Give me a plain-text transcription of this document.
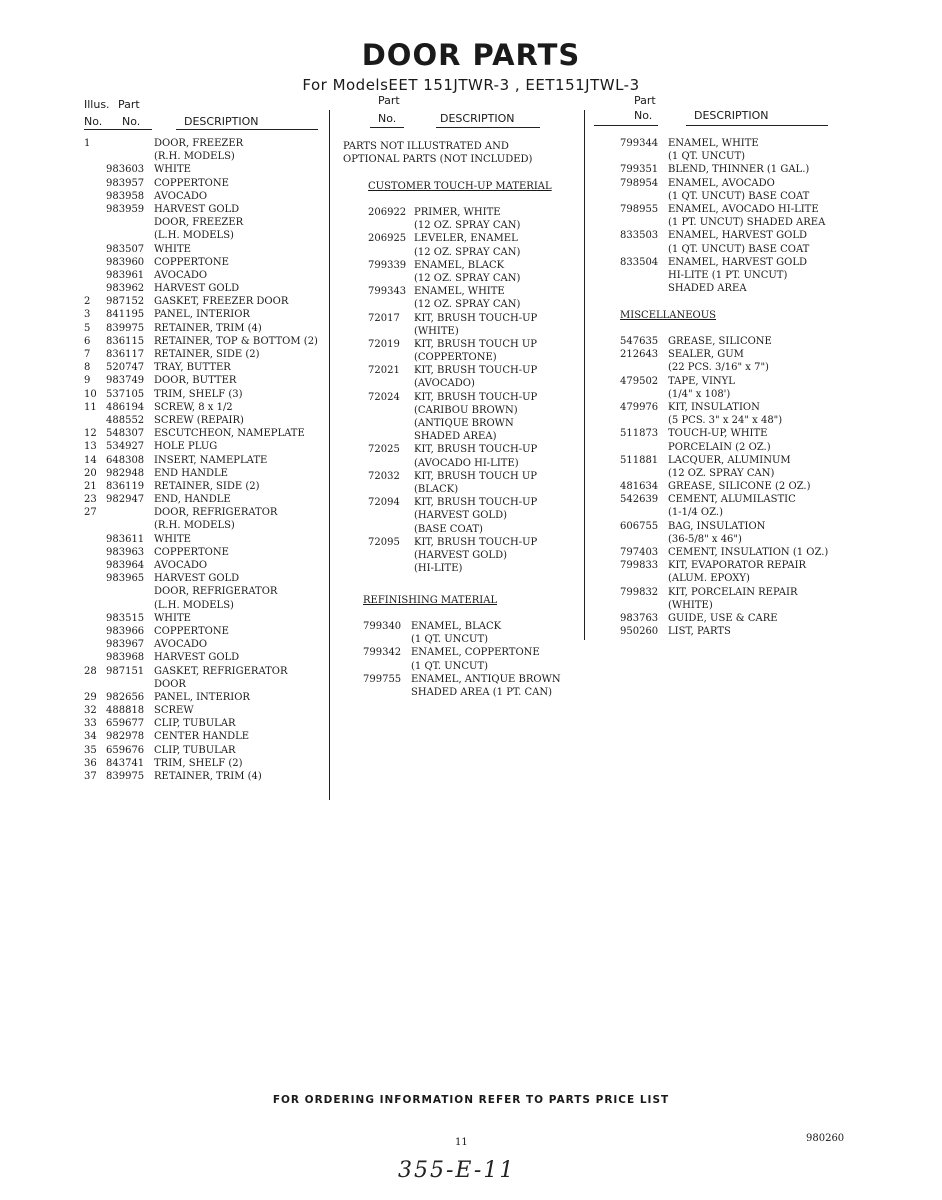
DOOR PARTS
For ModelsEET 151JTWR-3 , EET151JTWL-3
Illus. Part
No. No.	DESCRIPTION
Part
No.	DESCRIPTION
Part
No.	DESCRIPTION
1	DOOR, FREEZER
(R.H. MODELS)
983603 WHITE
983957 COPPERTONE
983958 AVOCADO
983959 HARVEST GOLD
DOOR, FREEZER
(L.H. MODELS)
983507 WHITE
983960 COPPERTONE
983961 AVOCADO
983962 HARVEST GOLD
2	987152 GASKET, FREEZER DOOR
3	841195 PANEL, INTERIOR
5	839975 RETAINER, TRIM (4)
6	836115 RETAINER, TOP & BOTTOM (2)
7	836117 RETAINER, SIDE (2)
8	520747 TRAY, BUTTER
9	983749 DOOR, BUTTER
10 537105 TRIM, SHELF (3)
11 486194 SCREW, 8 x 1/2
488552 SCREW (REPAIR)
12 548307 ESCUTCHEON, NAMEPLATE
13 534927 HOLE PLUG
14 648308 INSERT, NAMEPLATE
20 982948 END HANDLE
21 836119 RETAINER, SIDE (2)
23 982947 END, HANDLE
27	DOOR, REFRIGERATOR
(R.H. MODELS)
983611 WHITE
983963 COPPERTONE
983964 AVOCADO
983965 HARVEST GOLD
DOOR, REFRIGERATOR
(L.H. MODELS)
983515 WHITE
983966 COPPERTONE
983967 AVOCADO
983968 HARVEST GOLD
28 987151 GASKET, REFRIGERATOR
DOOR
29 982656 PANEL, INTERIOR
32 488818 SCREW
33 659677 CLIP, TUBULAR
34 982978 CENTER HANDLE
35 659676 CLIP, TUBULAR
36 843741 TRIM, SHELF (2)
37 839975 RETAINER, TRIM (4)
PARTS NOT ILLUSTRATED AND
OPTIONAL PARTS (NOT INCLUDED)
CUSTOMER TOUCH-UP MATERIAL
206922 PRIMER, WHITE
(12 OZ. SPRAY CAN)
206925 LEVELER, ENAMEL
(12 OZ. SPRAY CAN)
799339 ENAMEL, BLACK
(12 OZ. SPRAY CAN)
799343 ENAMEL, WHITE
(12 OZ. SPRAY CAN)
72017 KIT, BRUSH TOUCH-UP
(WHITE)
72019 KIT, BRUSH TOUCH UP
(COPPERTONE)
72021 KIT, BRUSH TOUCH-UP
(AVOCADO)
72024 KIT, BRUSH TOUCH-UP
(CARIBOU BROWN)
(ANTIQUE BROWN
SHADED AREA)
72025 KIT, BRUSH TOUCH-UP
(AVOCADO HI-LITE)
72032 KIT, BRUSH TOUCH UP
(BLACK)
72094 KIT, BRUSH TOUCH-UP
(HARVEST GOLD)
(BASE COAT)
72095 KIT, BRUSH TOUCH-UP
(HARVEST GOLD)
(HI-LITE)
REFINISHING MATERIAL
799340 ENAMEL, BLACK
(1 QT. UNCUT)
799342 ENAMEL, COPPERTONE
(1 QT. UNCUT)
799755 ENAMEL, ANTIQUE BROWN
SHADED AREA (1 PT. CAN)
799344 ENAMEL, WHITE
(1 QT. UNCUT)
799351 BLEND, THINNER (1 GAL.)
798954 ENAMEL, AVOCADO
(1 QT. UNCUT) BASE COAT
798955 ENAMEL, AVOCADO HI-LITE
(1 PT. UNCUT) SHADED AREA
833503 ENAMEL, HARVEST GOLD
(1 QT. UNCUT) BASE COAT
833504 ENAMEL, HARVEST GOLD
HI-LITE (1 PT. UNCUT)
SHADED AREA
MISCELLANEOUS
547635 GREASE, SILICONE
212643 SEALER, GUM
(22 PCS. 3/16" x 7")
479502 TAPE, VINYL
(1/4" x 108')
479976 KIT, INSULATION
(5 PCS. 3" x 24" x 48")
511873 TOUCH-UP, WHITE
PORCELAIN (2 OZ.)
511881 LACQUER, ALUMINUM
(12 OZ. SPRAY CAN)
481634 GREASE, SILICONE (2 OZ.)
542639 CEMENT, ALUMILASTIC
(1-1/4 OZ.)
606755 BAG, INSULATION
(36-5/8" x 46")
797403 CEMENT, INSULATION (1 OZ.)
799833 KIT, EVAPORATOR REPAIR
(ALUM. EPOXY)
799832 KIT, PORCELAIN REPAIR
(WHITE)
983763 GUIDE, USE & CARE
950260 LIST, PARTS
FOR ORDERING INFORMATION REFER TO PARTS PRICE LIST
11	980260
355-E-11
